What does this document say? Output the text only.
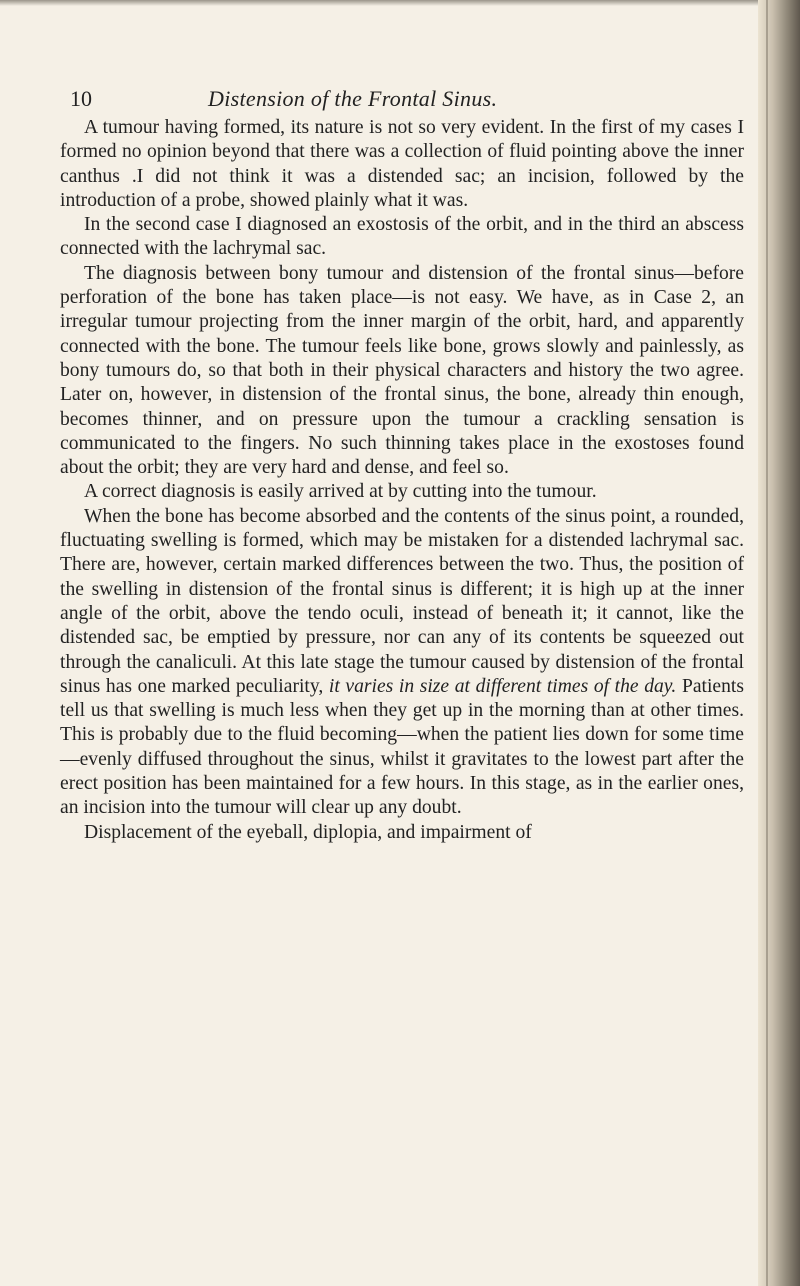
10	Distension of the Frontal Sinus.

A tumour having formed, its nature is not so very evident. In the first of my cases I formed no opinion beyond that there was a collection of fluid pointing above the inner canthus .I did not think it was a distended sac; an incision, followed by the introduction of a probe, showed plainly what it was.

In the second case I diagnosed an exostosis of the orbit, and in the third an abscess connected with the lachrymal sac.

The diagnosis between bony tumour and distension of the frontal sinus—before perforation of the bone has taken place—is not easy. We have, as in Case 2, an irregular tumour projecting from the inner margin of the orbit, hard, and apparently connected with the bone. The tumour feels like bone, grows slowly and painlessly, as bony tumours do, so that both in their physical characters and history the two agree. Later on, however, in distension of the frontal sinus, the bone, already thin enough, becomes thinner, and on pressure upon the tumour a crackling sensation is communicated to the fingers. No such thinning takes place in the exostoses found about the orbit; they are very hard and dense, and feel so.

A correct diagnosis is easily arrived at by cutting into the tumour.

When the bone has become absorbed and the contents of the sinus point, a rounded, fluctuating swelling is formed, which may be mistaken for a distended lachrymal sac. There are, however, certain marked differences between the two. Thus, the position of the swelling in distension of the frontal sinus is different; it is high up at the inner angle of the orbit, above the tendo oculi, instead of beneath it; it cannot, like the distended sac, be emptied by pressure, nor can any of its contents be squeezed out through the canaliculi. At this late stage the tumour caused by distension of the frontal sinus has one marked peculiarity, it varies in size at different times of the day. Patients tell us that swelling is much less when they get up in the morning than at other times. This is probably due to the fluid becoming—when the patient lies down for some time—evenly diffused throughout the sinus, whilst it gravitates to the lowest part after the erect position has been maintained for a few hours. In this stage, as in the earlier ones, an incision into the tumour will clear up any doubt.

Displacement of the eyeball, diplopia, and impairment of
